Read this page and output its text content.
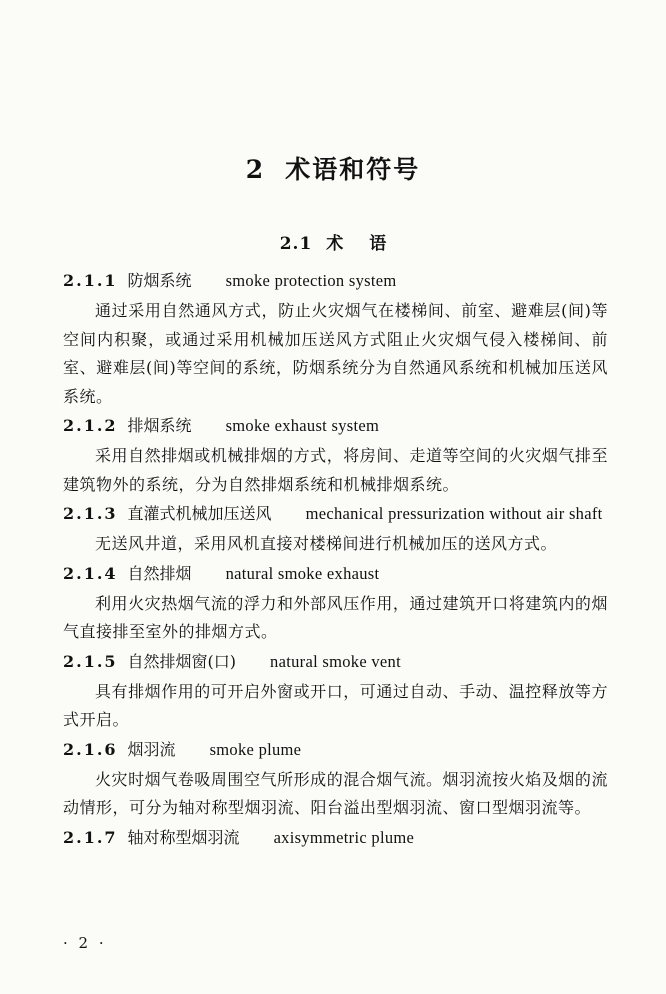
2 术语和符号
2.1 术 语
2.1.1 防烟系统 smoke protection system
通过采用自然通风方式，防止火灾烟气在楼梯间、前室、避难层(间)等空间内积聚，或通过采用机械加压送风方式阻止火灾烟气侵入楼梯间、前室、避难层(间)等空间的系统，防烟系统分为自然通风系统和机械加压送风系统。
2.1.2 排烟系统 smoke exhaust system
采用自然排烟或机械排烟的方式，将房间、走道等空间的火灾烟气排至建筑物外的系统，分为自然排烟系统和机械排烟系统。
2.1.3 直灌式机械加压送风 mechanical pressurization without air shaft
无送风井道，采用风机直接对楼梯间进行机械加压的送风方式。
2.1.4 自然排烟 natural smoke exhaust
利用火灾热烟气流的浮力和外部风压作用，通过建筑开口将建筑内的烟气直接排至室外的排烟方式。
2.1.5 自然排烟窗(口) natural smoke vent
具有排烟作用的可开启外窗或开口，可通过自动、手动、温控释放等方式开启。
2.1.6 烟羽流 smoke plume
火灾时烟气卷吸周围空气所形成的混合烟气流。烟羽流按火焰及烟的流动情形，可分为轴对称型烟羽流、阳台溢出型烟羽流、窗口型烟羽流等。
2.1.7 轴对称型烟羽流 axisymmetric plume
· 2 ·
